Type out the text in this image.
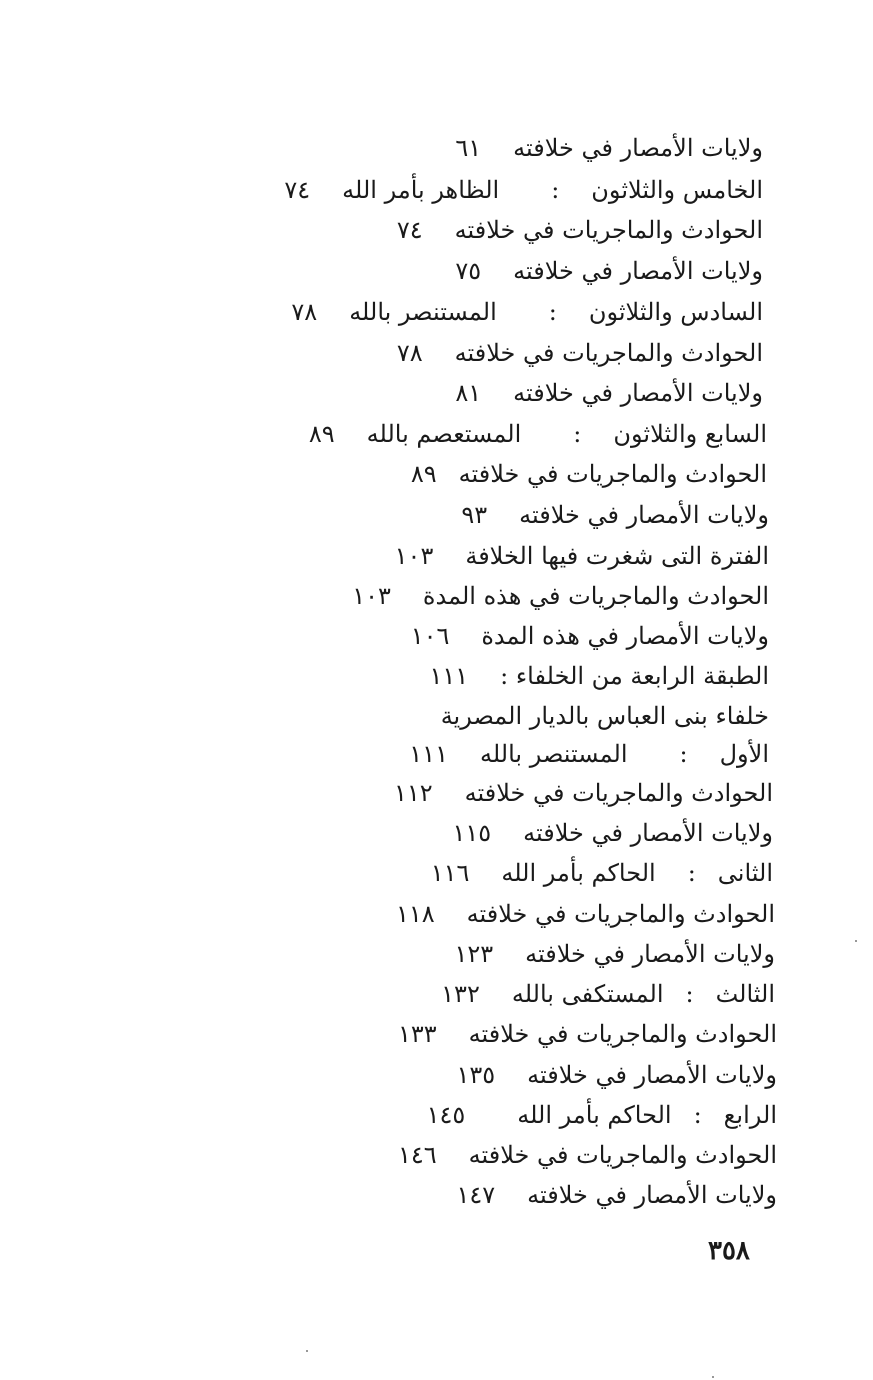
ولايات الأمصار في خلافته٦١
الخامس والثلاثون:الظاهر بأمر الله٧٤
الحوادث والماجريات في خلافته٧٤
ولايات الأمصار في خلافته٧٥
السادس والثلاثون:المستنصر بالله٧٨
الحوادث والماجريات في خلافته٧٨
ولايات الأمصار في خلافته٨١
السابع والثلاثون:المستعصم بالله٨٩
الحوادث والماجريات في خلافته٨٩
ولايات الأمصار في خلافته٩٣
الفترة التى شغرت فيها الخلافة١٠٣
الحوادث والماجريات في هذه المدة١٠٣
ولايات الأمصار في هذه المدة١٠٦
الطبقة الرابعة من الخلفاء :١١١
خلفاء بنى العباس بالديار المصرية
الأول:المستنصر بالله١١١
الحوادث والماجريات في خلافته١١٢
ولايات الأمصار في خلافته١١٥
الثانى:الحاكم بأمر الله١١٦
الحوادث والماجريات في خلافته١١٨
ولايات الأمصار في خلافته١٢٣
الثالث:المستكفى بالله١٣٢
الحوادث والماجريات في خلافته١٣٣
ولايات الأمصار في خلافته١٣٥
الرابع:الحاكم بأمر الله١٤٥
الحوادث والماجريات في خلافته١٤٦
ولايات الأمصار في خلافته١٤٧
٣٥٨
